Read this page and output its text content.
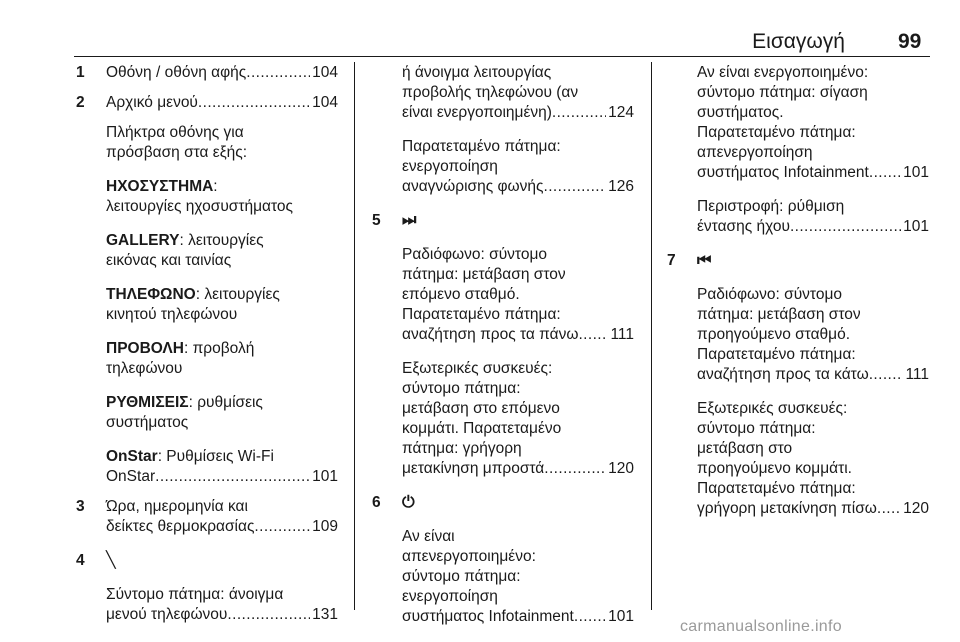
Εισαγωγή	99
1 Οθόνη / οθόνη αφής .....	104
2 Αρχικό μενού .....	104
Πλήκτρα οθόνης για
πρόσβαση στα εξής:
ΗΧΟΣΥΣΤΗΜΑ:
λειτουργίες ηχοσυστήματος
GALLERY: λειτουργίες
εικόνας και ταινίας
ΤΗΛΕΦΩΝΟ: λειτουργίες
κινητού τηλεφώνου
ΠΡΟΒΟΛΗ: προβολή
τηλεφώνου
ΡΥΘΜΙΣΕΙΣ: ρυθμίσεις
συστήματος
OnStar: Ρυθμίσεις Wi-Fi
OnStar .....	101
3 Ώρα, ημερομηνία και
δείκτες θερμοκρασίας .....	109
4 ╲
Σύντομο πάτημα: άνοιγμα
μενού τηλεφώνου .....	131
ή άνοιγμα λειτουργίας
προβολής τηλεφώνου (αν
είναι ενεργοποιημένη) .....	124
Παρατεταμένο πάτημα:
ενεργοποίηση
αναγνώρισης φωνής .....	126
5 ⏭
Ραδιόφωνο: σύντομο
πάτημα: μετάβαση στον
επόμενο σταθμό.
Παρατεταμένο πάτημα:
αναζήτηση προς τα πάνω ..... 111
Εξωτερικές συσκευές:
σύντομο πάτημα:
μετάβαση στο επόμενο
κομμάτι. Παρατεταμένο
πάτημα: γρήγορη
μετακίνηση μπροστά .....	120
6 ⏻
Αν είναι
απενεργοποιημένο:
σύντομο πάτημα:
ενεργοποίηση
συστήματος Infotainment ..... 101
Αν είναι ενεργοποιημένο:
σύντομο πάτημα: σίγαση
συστήματος.
Παρατεταμένο πάτημα:
απενεργοποίηση
συστήματος Infotainment ..... 101
Περιστροφή: ρύθμιση
έντασης ήχου .....	101
7 ⏮
Ραδιόφωνο: σύντομο
πάτημα: μετάβαση στον
προηγούμενο σταθμό.
Παρατεταμένο πάτημα:
αναζήτηση προς τα κάτω ..... 111
Εξωτερικές συσκευές:
σύντομο πάτημα:
μετάβαση στο
προηγούμενο κομμάτι.
Παρατεταμένο πάτημα:
γρήγορη μετακίνηση πίσω ..... 120
carmanualsonline.info
